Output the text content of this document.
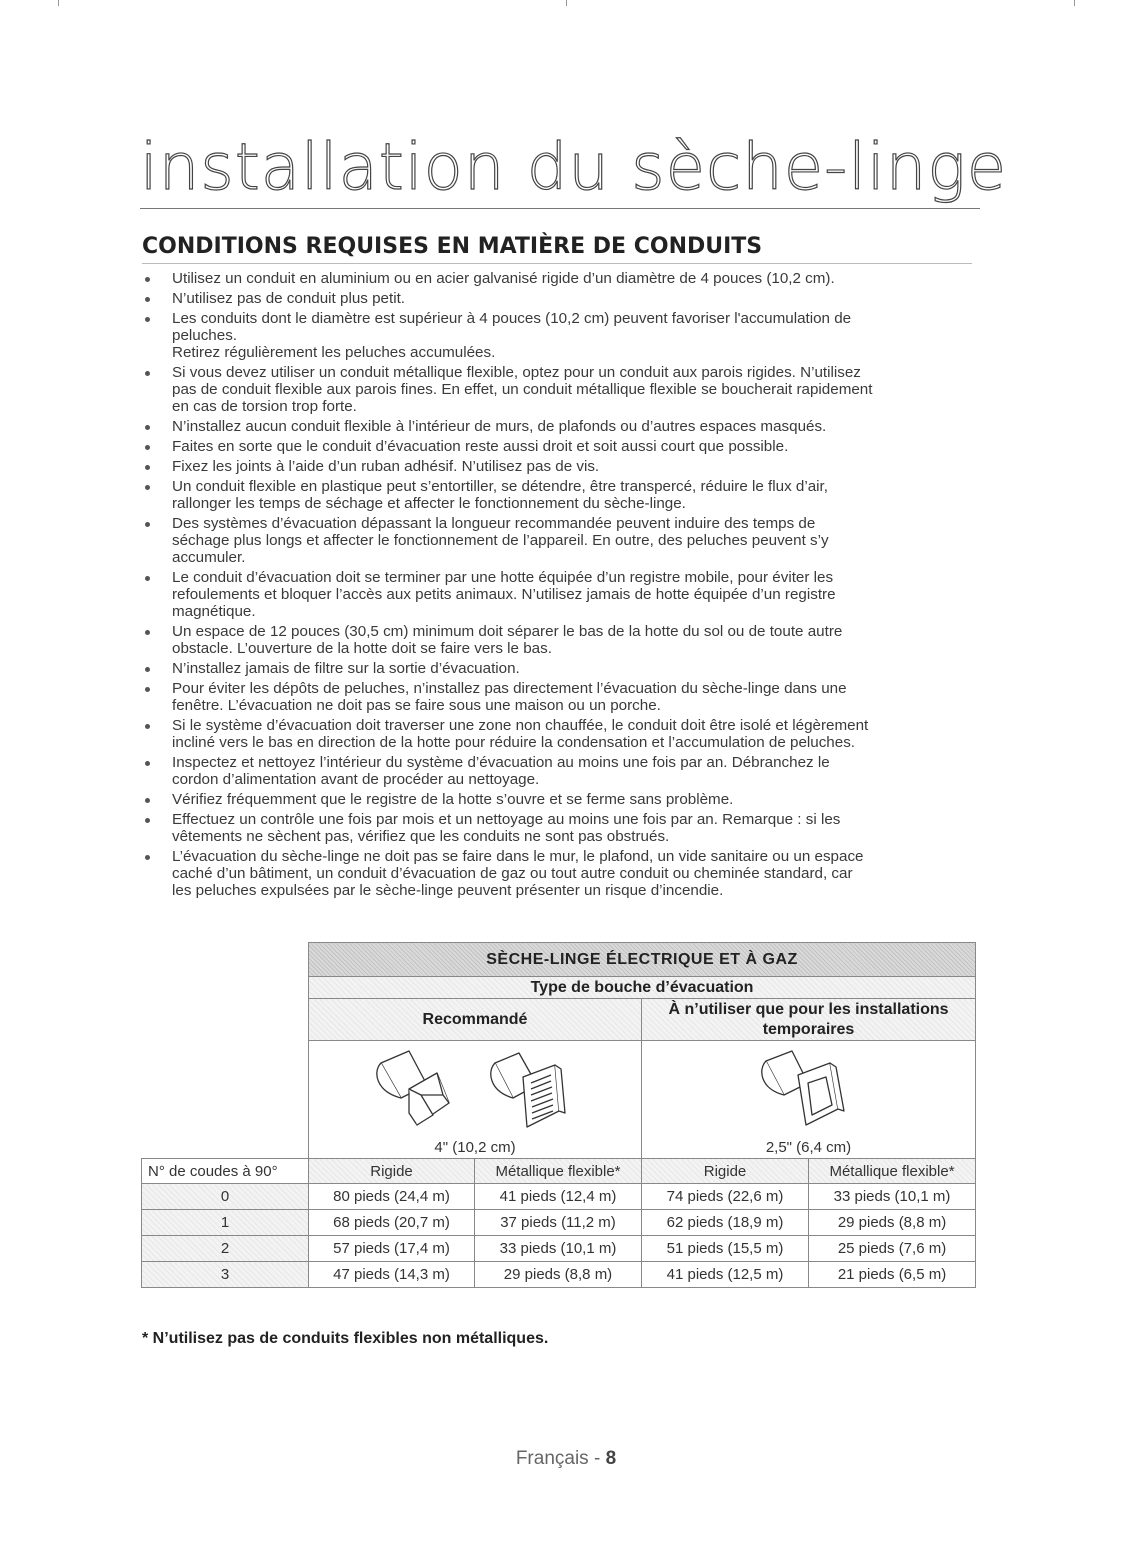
installation du sèche-linge
CONDITIONS REQUISES EN MATIÈRE DE CONDUITS
Utilisez un conduit en aluminium ou en acier galvanisé rigide d’un diamètre de 4 pouces (10,2 cm).
N’utilisez pas de conduit plus petit.
Les conduits dont le diamètre est supérieur à 4 pouces (10,2 cm) peuvent favoriser l'accumulation de
peluches.
Retirez régulièrement les peluches accumulées.
Si vous devez utiliser un conduit métallique flexible, optez pour un conduit aux parois rigides. N’utilisez
pas de conduit flexible aux parois fines. En effet, un conduit métallique flexible se boucherait rapidement
en cas de torsion trop forte.
N’installez aucun conduit flexible à l’intérieur de murs, de plafonds ou d’autres espaces masqués.
Faites en sorte que le conduit d’évacuation reste aussi droit et soit aussi court que possible.
Fixez les joints à l’aide d’un ruban adhésif. N’utilisez pas de vis.
Un conduit flexible en plastique peut s’entortiller, se détendre, être transpercé, réduire le flux d’air,
rallonger les temps de séchage et affecter le fonctionnement du sèche-linge.
Des systèmes d’évacuation dépassant la longueur recommandée peuvent induire des temps de
séchage plus longs et affecter le fonctionnement de l’appareil. En outre, des peluches peuvent s’y
accumuler.
Le conduit d’évacuation doit se terminer par une hotte équipée d’un registre mobile, pour éviter les
refoulements et bloquer l’accès aux petits animaux. N’utilisez jamais de hotte équipée d’un registre
magnétique.
Un espace de 12 pouces (30,5 cm) minimum doit séparer le bas de la hotte du sol ou de toute autre
obstacle. L’ouverture de la hotte doit se faire vers le bas.
N’installez jamais de filtre sur la sortie d’évacuation.
Pour éviter les dépôts de peluches, n’installez pas directement l’évacuation du sèche-linge dans une
fenêtre. L’évacuation ne doit pas se faire sous une maison ou un porche.
Si le système d’évacuation doit traverser une zone non chauffée, le conduit doit être isolé et légèrement
incliné vers le bas en direction de la hotte pour réduire la condensation et l’accumulation de peluches.
Inspectez et nettoyez l’intérieur du système d’évacuation au moins une fois par an. Débranchez le
cordon d’alimentation avant de procéder au nettoyage.
Vérifiez fréquemment que le registre de la hotte s’ouvre et se ferme sans problème.
Effectuez un contrôle une fois par mois et un nettoyage au moins une fois par an. Remarque : si les
vêtements ne sèchent pas, vérifiez que les conduits ne sont pas obstrués.
L’évacuation du sèche-linge ne doit pas se faire dans le mur, le plafond, un vide sanitaire ou un espace
caché d’un bâtiment, un conduit d’évacuation de gaz ou tout autre conduit ou cheminée standard, car
les peluches expulsées par le sèche-linge peuvent présenter un risque d’incendie.
	SÈCHE-LINGE ÉLECTRIQUE ET À GAZ			
	Type de bouche d’évacuation			
	Recommandé		À n’utiliser que pour les installations temporaires	

	4" (10,2 cm)		2,5" (6,4 cm)	

N° de coudes à 90°	Rigide	Métallique flexible*	Rigide	Métallique flexible*
0	80 pieds (24,4 m)	41 pieds (12,4 m)	74 pieds (22,6 m)	33 pieds (10,1 m)
1	68 pieds (20,7 m)	37 pieds (11,2 m)	62 pieds (18,9 m)	29 pieds (8,8 m)
2	57 pieds (17,4 m)	33 pieds (10,1 m)	51 pieds (15,5 m)	25 pieds (7,6 m)
3	47 pieds (14,3 m)	29 pieds (8,8 m)	41 pieds (12,5 m)	21 pieds (6,5 m)
* N’utilisez pas de conduits flexibles non métalliques.
Français - 8
